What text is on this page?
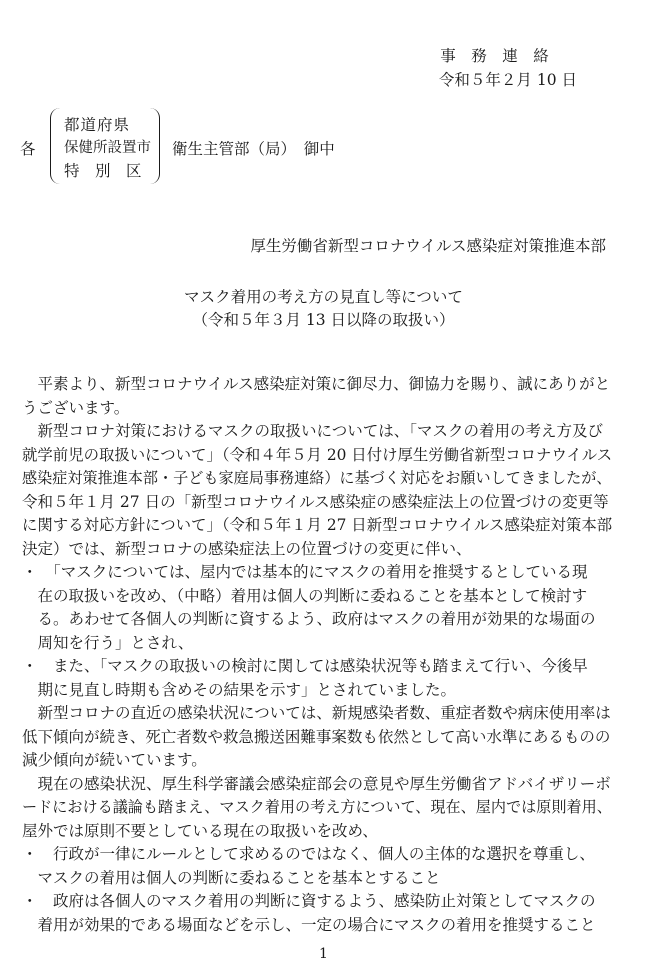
事　務　連　絡
令和５年２月 10 日
各
都道府県
保健所設置市
特　別　区
衛生主管部（局）　御中
厚生労働省新型コロナウイルス感染症対策推進本部
マスク着用の考え方の見直し等について
（令和５年３月 13 日以降の取扱い）
　平素より、新型コロナウイルス感染症対策に御尽力、御協力を賜り、誠にありがと
うございます。
　新型コロナ対策におけるマスクの取扱いについては、「マスクの着用の考え方及び
就学前児の取扱いについて」（令和４年５月 20 日付け厚生労働省新型コロナウイルス
感染症対策推進本部・子ども家庭局事務連絡）に基づく対応をお願いしてきましたが、
令和５年１月 27 日の「新型コロナウイルス感染症の感染症法上の位置づけの変更等
に関する対応方針について」（令和５年１月 27 日新型コロナウイルス感染症対策本部
決定）では、新型コロナの感染症法上の位置づけの変更に伴い、
・　「マスクについては、屋内では基本的にマスクの着用を推奨するとしている現
　在の取扱いを改め、（中略）着用は個人の判断に委ねることを基本として検討す
　る。あわせて各個人の判断に資するよう、政府はマスクの着用が効果的な場面の
　周知を行う」とされ、
・　また、「マスクの取扱いの検討に関しては感染状況等も踏まえて行い、今後早
　期に見直し時期も含めその結果を示す」とされていました。
　新型コロナの直近の感染状況については、新規感染者数、重症者数や病床使用率は
低下傾向が続き、死亡者数や救急搬送困難事案数も依然として高い水準にあるものの
減少傾向が続いています。
　現在の感染状況、厚生科学審議会感染症部会の意見や厚生労働省アドバイザリーボ
ードにおける議論も踏まえ、マスク着用の考え方について、現在、屋内では原則着用、
屋外では原則不要としている現在の取扱いを改め、
・　行政が一律にルールとして求めるのではなく、個人の主体的な選択を尊重し、
　マスクの着用は個人の判断に委ねることを基本とすること
・　政府は各個人のマスク着用の判断に資するよう、感染防止対策としてマスクの
　着用が効果的である場面などを示し、一定の場合にマスクの着用を推奨すること
1
